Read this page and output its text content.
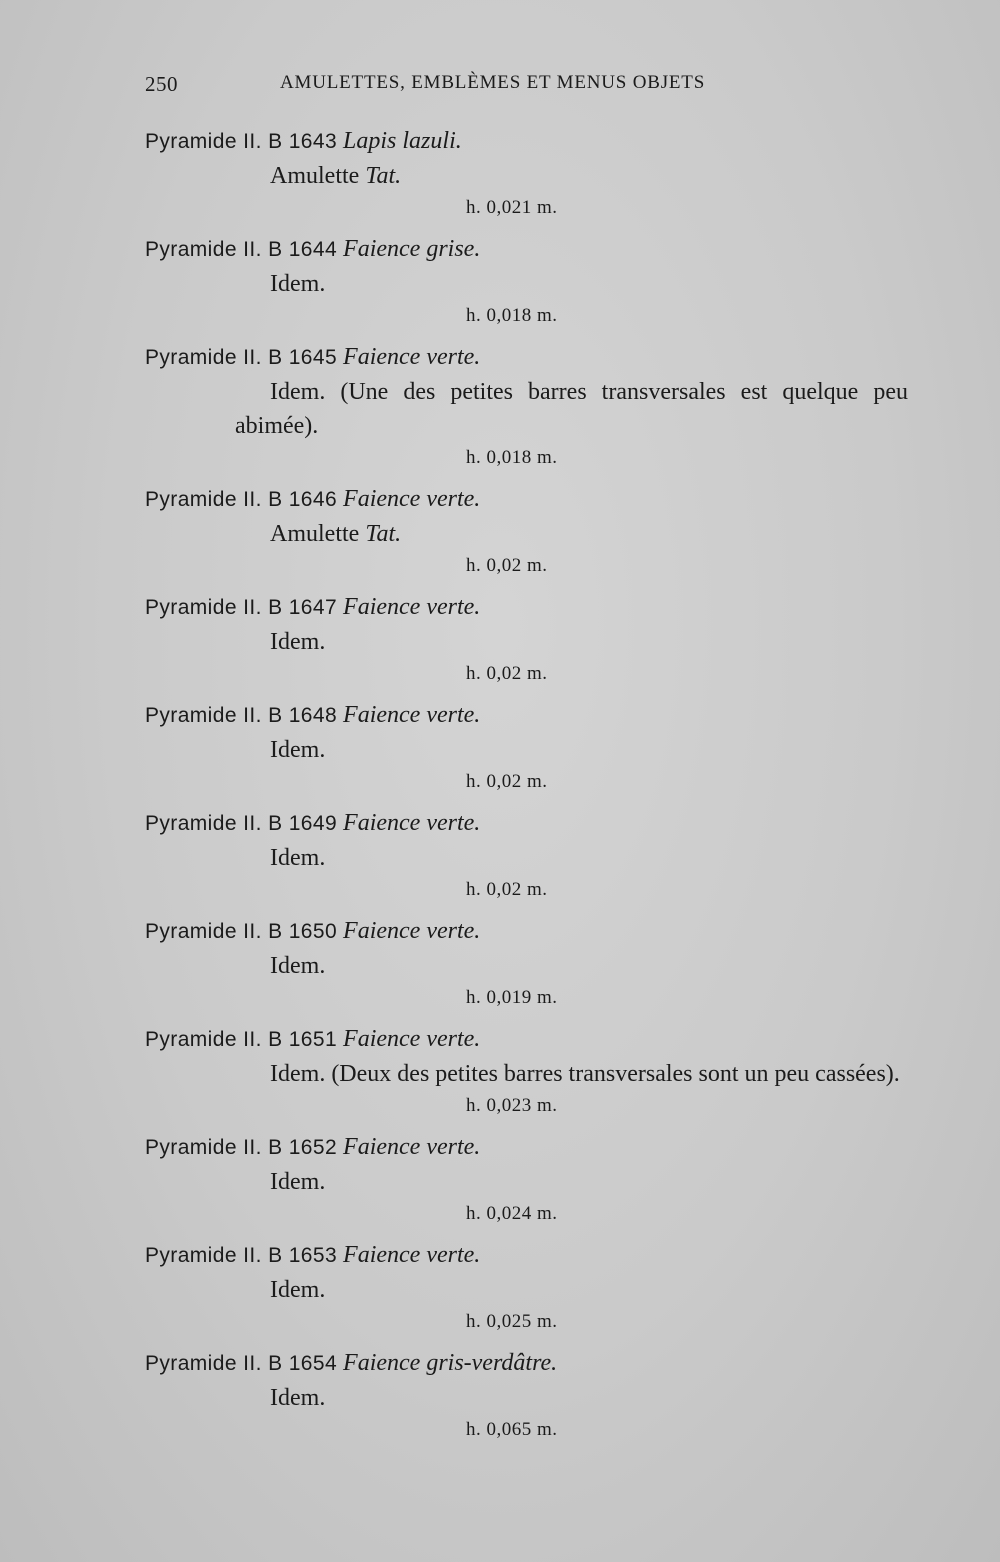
250	AMULETTES, EMBLÈMES ET MENUS OBJETS
Pyramide II. B 1643 Lapis lazuli.
Amulette Tat.
h. 0,021 m.
Pyramide II. B 1644 Faience grise.
Idem.
h. 0,018 m.
Pyramide II. B 1645 Faience verte.
Idem. (Une des petites barres transversales est quelque peu abimée).
h. 0,018 m.
Pyramide II. B 1646 Faience verte.
Amulette Tat.
h. 0,02 m.
Pyramide II. B 1647 Faience verte.
Idem.
h. 0,02 m.
Pyramide II. B 1648 Faience verte.
Idem.
h. 0,02 m.
Pyramide II. B 1649 Faience verte.
Idem.
h. 0,02 m.
Pyramide II. B 1650 Faience verte.
Idem.
h. 0,019 m.
Pyramide II. B 1651 Faience verte.
Idem. (Deux des petites barres transversales sont un peu cassées).
h. 0,023 m.
Pyramide II. B 1652 Faience verte.
Idem.
h. 0,024 m.
Pyramide II. B 1653 Faience verte.
Idem.
h. 0,025 m.
Pyramide II. B 1654 Faience gris-verdâtre.
Idem.
h. 0,065 m.
